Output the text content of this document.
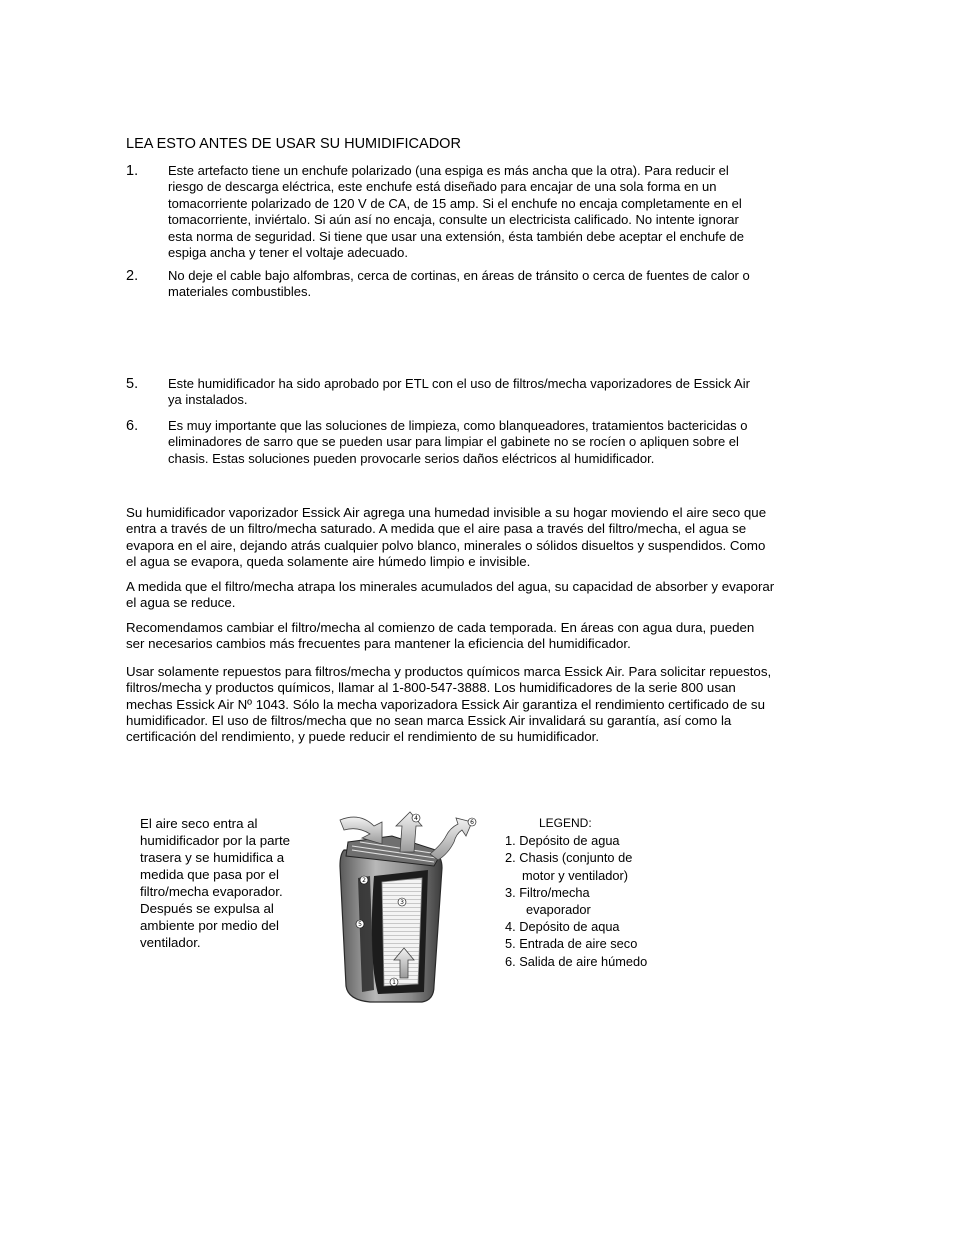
LEA ESTO ANTES DE USAR SU HUMIDIFICADOR
1. Este artefacto tiene un enchufe polarizado (una espiga es más ancha que la otra). Para reducir el
riesgo de descarga eléctrica, este enchufe está diseñado para encajar de una sola forma en un
tomacorriente polarizado de 120 V de CA, de 15 amp. Si el enchufe no encaja completamente en el
tomacorriente, inviértalo. Si aún así no encaja, consulte un electricista calificado. No intente ignorar
esta norma de seguridad. Si tiene que usar una extensión, ésta también debe aceptar el enchufe de
espiga ancha y tener el voltaje adecuado.
2. No deje el cable bajo alfombras, cerca de cortinas, en áreas de tránsito o cerca de fuentes de calor o
materiales combustibles.
5. Este humidificador ha sido aprobado por ETL con el uso de filtros/mecha vaporizadores de Essick Air
ya instalados.
6. Es muy importante que las soluciones de limpieza, como blanqueadores, tratamientos bactericidas o
eliminadores de sarro que se pueden usar para limpiar el gabinete no se rocíen o apliquen sobre el
chasis. Estas soluciones pueden provocarle serios daños eléctricos al humidificador.
Su humidificador vaporizador Essick Air agrega una humedad invisible a su hogar moviendo el aire seco que
entra a través de un filtro/mecha saturado. A medida que el aire pasa a través del filtro/mecha, el agua se
evapora en el aire, dejando atrás cualquier polvo blanco, minerales o sólidos disueltos y suspendidos. Como
el agua se evapora, queda solamente aire húmedo limpio e invisible.
A medida que el filtro/mecha atrapa los minerales acumulados del agua, su capacidad de absorber y evaporar
el agua se reduce.
Recomendamos cambiar el filtro/mecha al comienzo de cada temporada. En áreas con agua dura, pueden
ser necesarios cambios más frecuentes para mantener la eficiencia del humidificador.
Usar solamente repuestos para filtros/mecha y productos químicos marca Essick Air. Para solicitar repuestos,
filtros/mecha y productos químicos, llamar al 1-800-547-3888. Los humidificadores de la serie 800 usan
mechas Essick Air Nº 1043. Sólo la mecha vaporizadora Essick Air garantiza el rendimiento certificado de su
humidificador. El uso de filtros/mecha que no sean marca Essick Air invalidará su garantía, así como la
certificación del rendimiento, y puede reducir el rendimiento de su humidificador.
El aire seco entra al
humidificador por la parte
trasera y se humidifica a
medida que pasa por el
filtro/mecha evaporador.
Después se expulsa al
ambiente por medio del
ventilador.
1
2
3
4
5
6	LEGEND:
1. Depósito de agua
2. Chasis (conjunto de
motor y ventilador)
3. Filtro/mecha
evaporador
4. Depósito de aqua
5. Entrada de aire seco
6. Salida de aire húmedo
